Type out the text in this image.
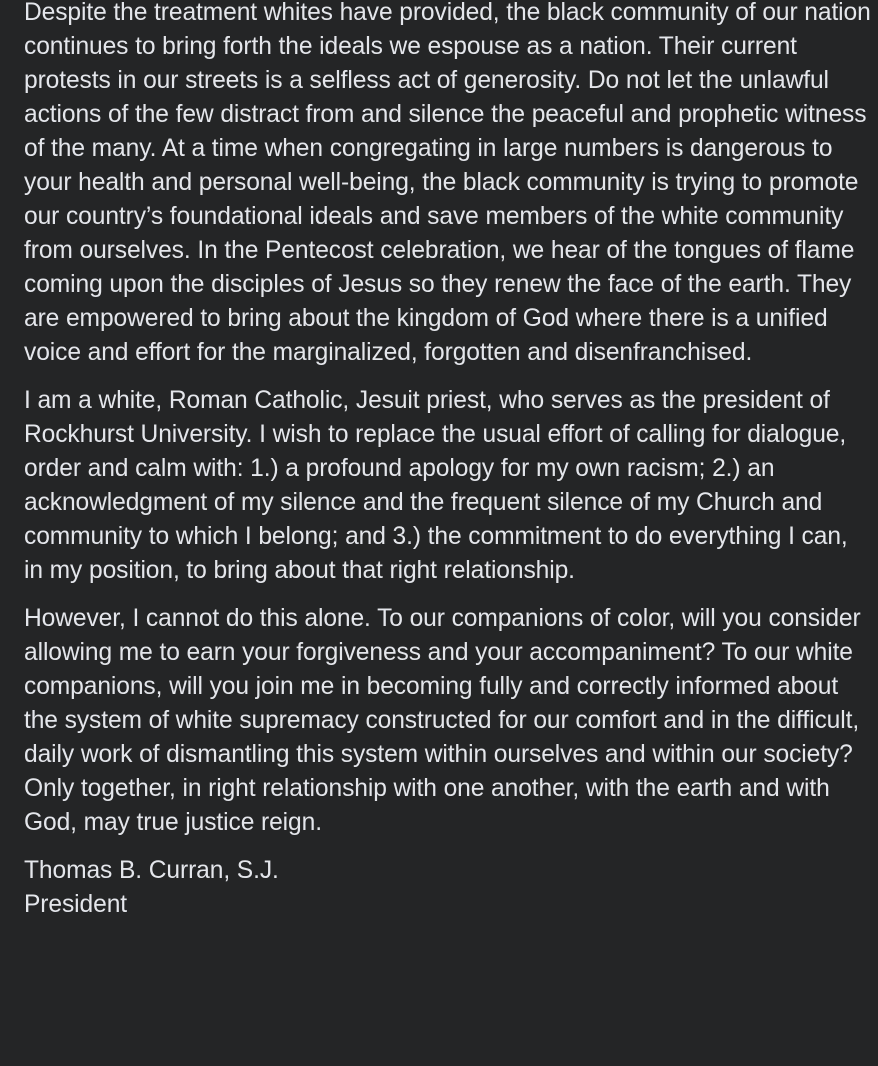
Despite the treatment whites have provided, the black community of our nation continues to bring forth the ideals we espouse as a nation. Their current protests in our streets is a selfless act of generosity. Do not let the unlawful actions of the few distract from and silence the peaceful and prophetic witness of the many. At a time when congregating in large numbers is dangerous to your health and personal well-being, the black community is trying to promote our country’s foundational ideals and save members of the white community from ourselves. In the Pentecost celebration, we hear of the tongues of flame coming upon the disciples of Jesus so they renew the face of the earth. They are empowered to bring about the kingdom of God where there is a unified voice and effort for the marginalized, forgotten and disenfranchised.

I am a white, Roman Catholic, Jesuit priest, who serves as the president of Rockhurst University. I wish to replace the usual effort of calling for dialogue, order and calm with: 1.) a profound apology for my own racism; 2.) an acknowledgment of my silence and the frequent silence of my Church and community to which I belong; and 3.) the commitment to do everything I can, in my position, to bring about that right relationship.

However, I cannot do this alone. To our companions of color, will you consider allowing me to earn your forgiveness and your accompaniment? To our white companions, will you join me in becoming fully and correctly informed about the system of white supremacy constructed for our comfort and in the difficult, daily work of dismantling this system within ourselves and within our society? Only together, in right relationship with one another, with the earth and with God, may true justice reign.

Thomas B. Curran, S.J.
President
